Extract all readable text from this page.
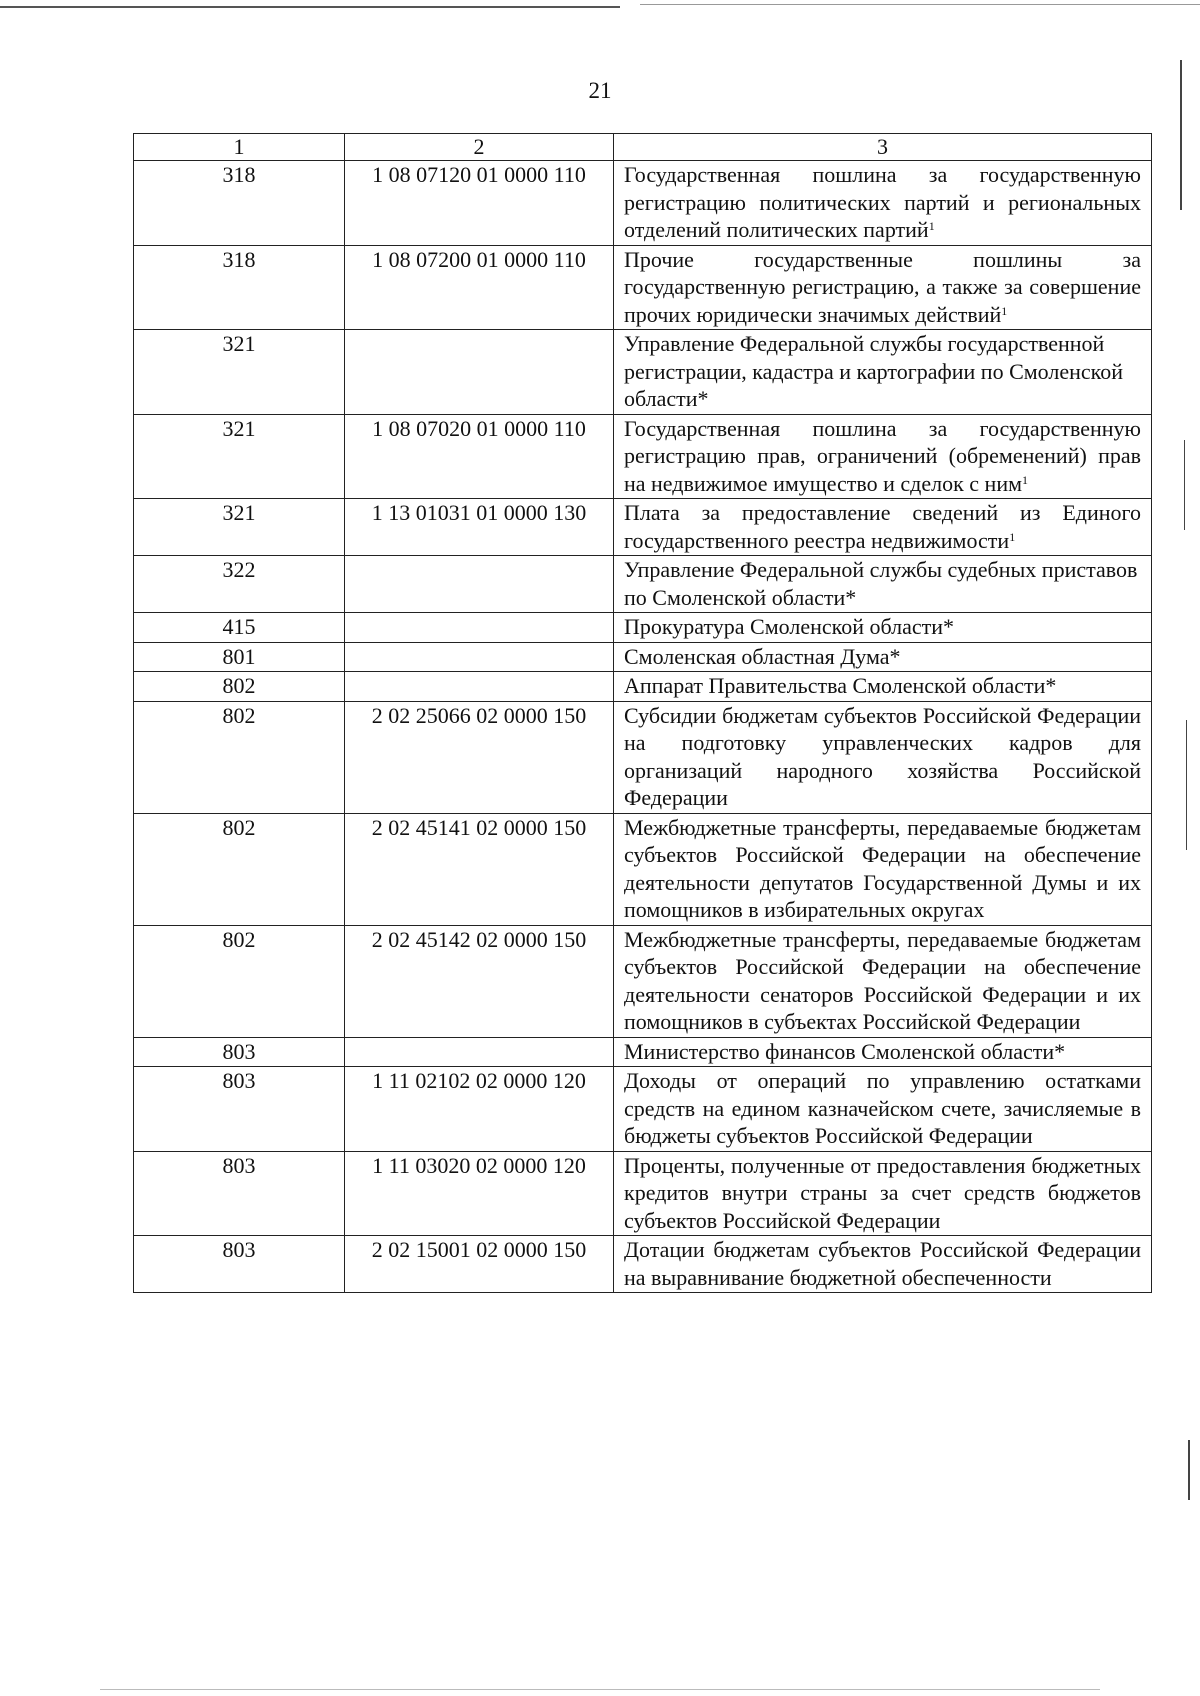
21
1	2	3
318	1 08 07120 01 0000 110	Государственная пошлина за государственную регистрацию политических партий и региональных отделений политических партий$^1$
318	1 08 07200 01 0000 110	Прочие государственные пошлины за государственную регистрацию, а также за совершение прочих юридически значимых действий$^1$
321		Управление Федеральной службы государственной регистрации, кадастра и картографии по Смоленской области*
321	1 08 07020 01 0000 110	Государственная пошлина за государственную регистрацию прав, ограничений (обременений) прав на недвижимое имущество и сделок с ним$^1$
321	1 13 01031 01 0000 130	Плата за предоставление сведений из Единого государственного реестра недвижимости$^1$
322		Управление Федеральной службы судебных приставов по Смоленской области*
415		Прокуратура Смоленской области*
801		Смоленская областная Дума*
802		Аппарат Правительства Смоленской области*
802	2 02 25066 02 0000 150	Субсидии бюджетам субъектов Российской Федерации на подготовку управленческих кадров для организаций народного хозяйства Российской Федерации
802	2 02 45141 02 0000 150	Межбюджетные трансферты, передаваемые бюджетам субъектов Российской Федерации на обеспечение деятельности депутатов Государственной Думы и их помощников в избирательных округах
802	2 02 45142 02 0000 150	Межбюджетные трансферты, передаваемые бюджетам субъектов Российской Федерации на обеспечение деятельности сенаторов Российской Федерации и их помощников в субъектах Российской Федерации
803		Министерство финансов Смоленской области*
803	1 11 02102 02 0000 120	Доходы от операций по управлению остатками средств на едином казначейском счете, зачисляемые в бюджеты субъектов Российской Федерации
803	1 11 03020 02 0000 120	Проценты, полученные от предоставления бюджетных кредитов внутри страны за счет средств бюджетов субъектов Российской Федерации
803	2 02 15001 02 0000 150	Дотации бюджетам субъектов Российской Федерации на выравнивание бюджетной обеспеченности
